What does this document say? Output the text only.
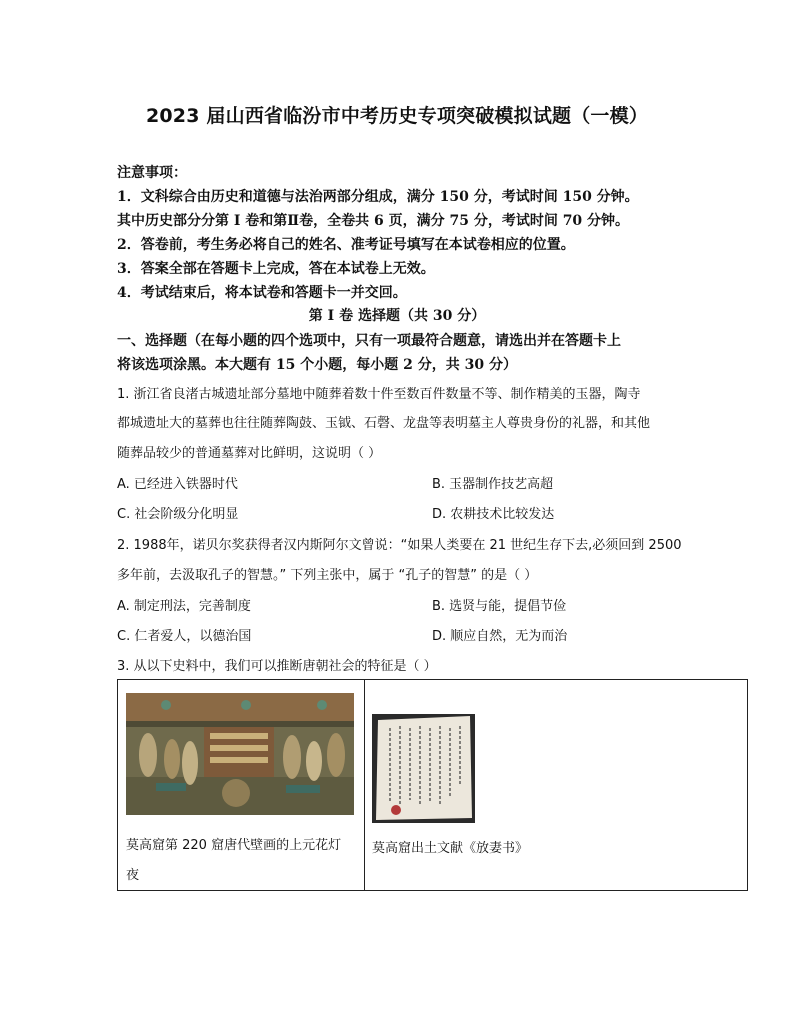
2023 届山西省临汾市中考历史专项突破模拟试题（一模）
注意事项：
1．文科综合由历史和道德与法治两部分组成，满分 150 分，考试时间 150 分钟。
其中历史部分分第 I 卷和第Ⅱ卷，全卷共 6 页，满分 75 分，考试时间 70 分钟。
2．答卷前，考生务必将自己的姓名、准考证号填写在本试卷相应的位置。
3．答案全部在答题卡上完成，答在本试卷上无效。
4．考试结束后，将本试卷和答题卡一并交回。
第 I 卷 选择题（共 30 分）
一、选择题（在每小题的四个选项中，只有一项最符合题意，请选出并在答题卡上
将该选项涂黑。本大题有 15 个小题，每小题 2 分，共 30 分）
1. 浙江省良渚古城遗址部分墓地中随葬着数十件至数百件数量不等、制作精美的玉器，陶寺
都城遗址大的墓葬也往往随葬陶鼓、玉钺、石磬、龙盘等表明墓主人尊贵身份的礼器，和其他
随葬品较少的普通墓葬对比鲜明，这说明（ ）
A. 已经进入铁器时代	B. 玉器制作技艺高超
C. 社会阶级分化明显	D. 农耕技术比较发达
2. 1988年，诺贝尔奖获得者汉内斯阿尔文曾说：“如果人类要在 21 世纪生存下去,必须回到 2500
多年前，去汲取孔子的智慧。” 下列主张中，属于 “孔子的智慧” 的是（ ）
A. 制定刑法，完善制度	B. 选贤与能，提倡节俭
C. 仁者爱人，以德治国	D. 顺应自然，无为而治
3. 从以下史料中，我们可以推断唐朝社会的特征是（ ）
莫高窟第 220 窟唐代壁画的上元花灯
夜
莫高窟出土文献《放妻书》
